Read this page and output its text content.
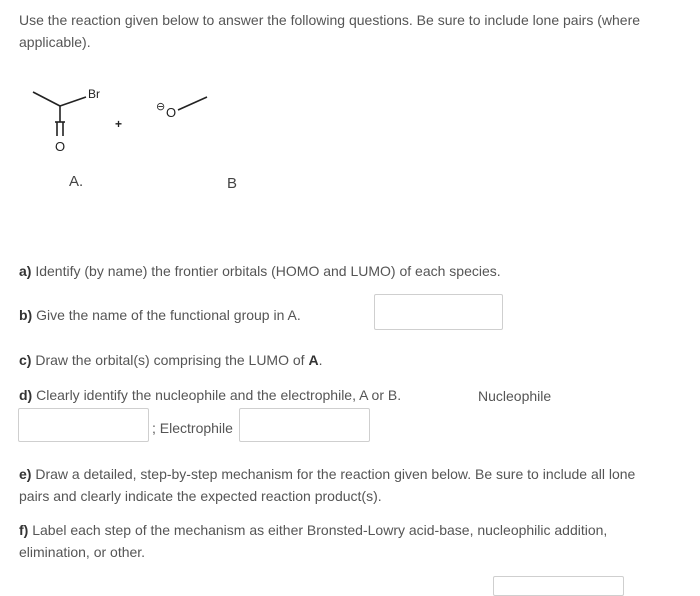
Use the reaction given below to answer the following questions. Be sure to include lone pairs (where

applicable).

Br
O
+
⊖ O
A.	B

a) Identify (by name) the frontier orbitals (HOMO and LUMO) of each species.

b) Give the name of the functional group in A.

c) Draw the orbital(s) comprising the LUMO of A.

d) Clearly identify the nucleophile and the electrophile, A or B.	Nucleophile
; Electrophile

e) Draw a detailed, step-by-step mechanism for the reaction given below. Be sure to include all lone

pairs and clearly indicate the expected reaction product(s).

f) Label each step of the mechanism as either Bronsted-Lowry acid-base, nucleophilic addition,

elimination, or other.
